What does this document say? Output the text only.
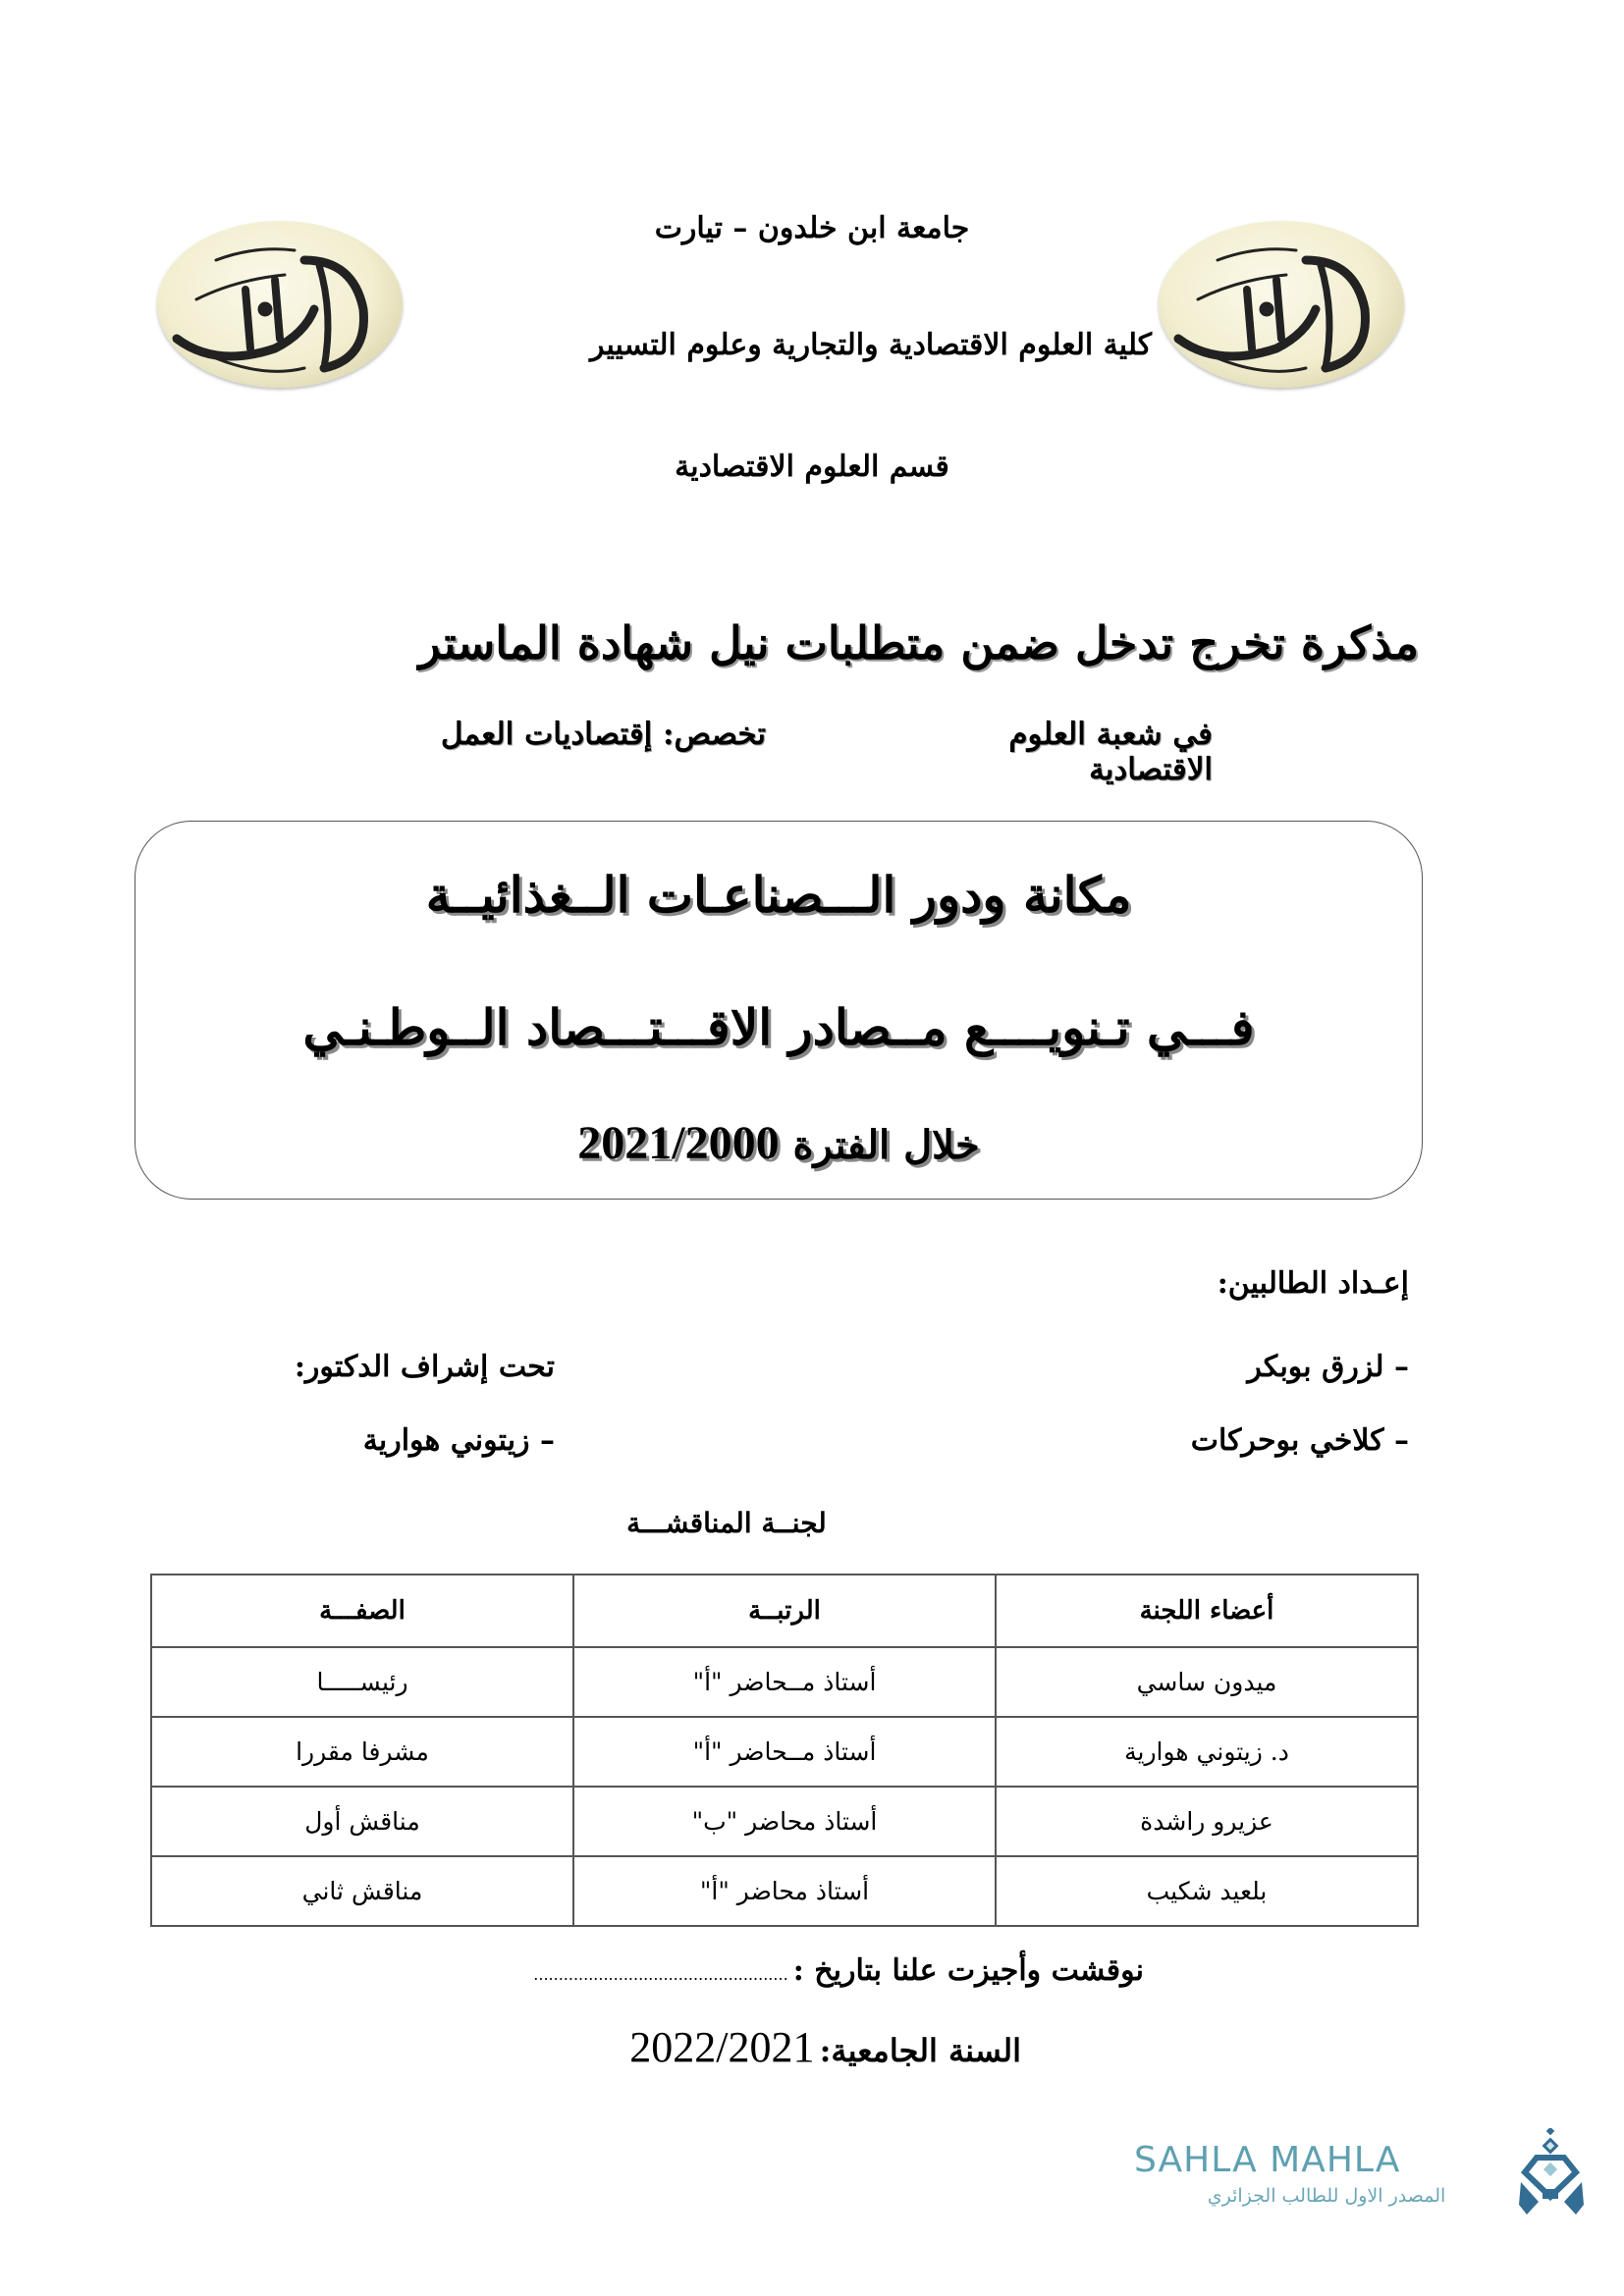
جامعة ابن خلدون – تيارت
كلية العلوم الاقتصادية والتجارية وعلوم التسيير
قسم العلوم الاقتصادية
مذكرة تخرج تدخل ضمن متطلبات نيل شهادة الماستر
في شعبة العلوم الاقتصادية
تخصص: إقتصاديات العمل
مكانة ودور الـــصناعـات الــغذائيــة
فـــي تـنويــــع مــصادر الاقـــتـــصاد الــوطـنـي
خلال الفترة 2021/2000
إعـداد الطالبين:
– لزرق بوبكر
– كلاخي بوحركات
تحت إشراف الدكتور:
– زيتوني هوارية
لجنــة المناقشـــة
أعضاء اللجنة	الرتبــة	الصفـــة
ميدون ساسي	أستاذ مــحاضر "أ"	رئيســـــا
د. زيتوني هوارية	أستاذ مــحاضر "أ"	مشرفا مقررا
عزيرو راشدة	أستاذ محاضر "ب"	مناقش أول
بلعيد شكيب	أستاذ محاضر "أ"	مناقش ثاني
نوقشت وأجيزت علنا بتاريخ : ...................................................
السنة الجامعية: 2022/2021
SAHLA MAHLA
المصدر الاول للطالب الجزائري
